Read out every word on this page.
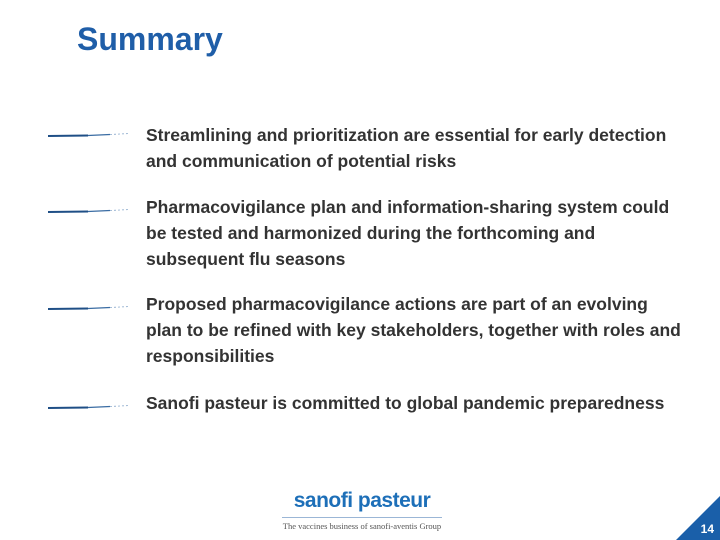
Summary

Streamlining and prioritization are essential for early detection and communication of potential risks

Pharmacovigilance plan and information-sharing system could be tested and harmonized during the forthcoming and subsequent flu seasons

Proposed pharmacovigilance actions are part of an evolving plan to be refined with key stakeholders, together with roles and responsibilities

Sanofi pasteur is committed to global pandemic preparedness

sanofi pasteur
The vaccines business of sanofi-aventis Group	14
